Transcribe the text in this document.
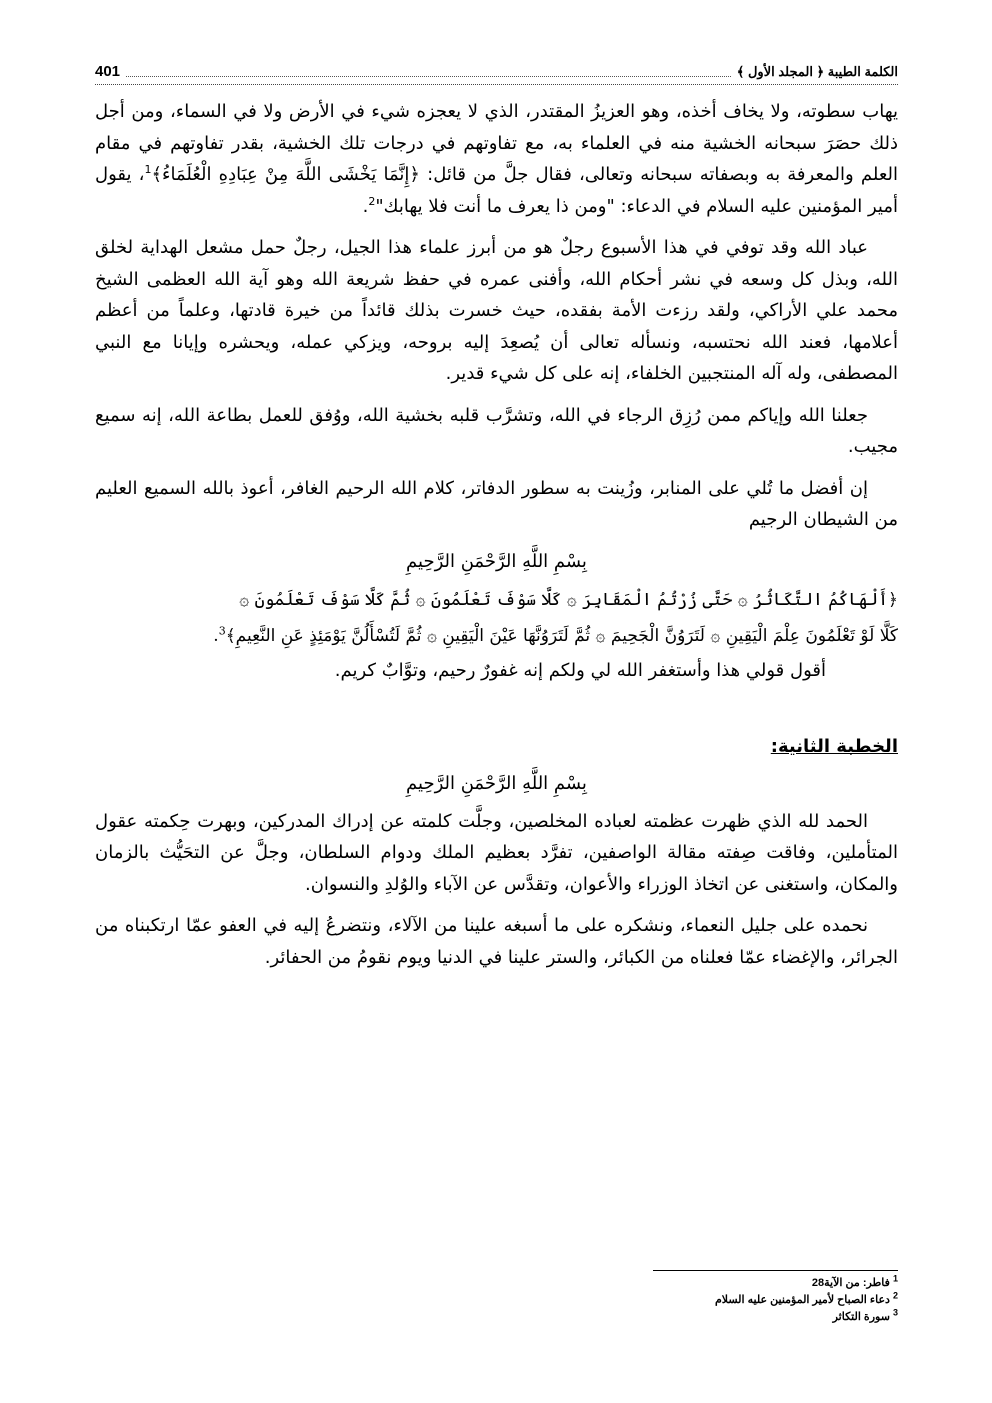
401	الكلمة الطيبة ﴿ المجلد الأول ﴾

يهاب سطوته، ولا يخاف أخذه، وهو العزيزُ المقتدر، الذي لا يعجزه شيء في الأرض ولا في السماء، ومن أجل ذلك حصَرَ سبحانه الخشية منه في العلماء به، مع تفاوتهم في درجات تلك الخشية، بقدر تفاوتهم في مقام العلم والمعرفة به وبصفاته سبحانه وتعالى، فقال جلَّ من قائل: ﴿إِنَّمَا يَخْشَى اللَّهَ مِنْ عِبَادِهِ الْعُلَمَاءُ﴾$^1$، يقول أمير المؤمنين عليه السلام في الدعاء: "ومن ذا يعرف ما أنت فلا يهابك"$^2$.

عباد الله وقد توفي في هذا الأسبوع رجلٌ هو من أبرز علماء هذا الجيل، رجلٌ حمل مشعل الهداية لخلق الله، وبذل كل وسعه في نشر أحكام الله، وأفنى عمره في حفظ شريعة الله وهو آية الله العظمى الشيخ محمد علي الأراكي، ولقد رزءت الأمة بفقده، حيث خسرت بذلك قائداً من خيرة قادتها، وعلماً من أعظم أعلامها، فعند الله نحتسبه، ونسأله تعالى أن يُصعِدَ إليه بروحه، ويزكي عمله، ويحشره وإيانا مع النبي المصطفى، وله آله المنتجبين الخلفاء، إنه على كل شيء قدير.

جعلنا الله وإياكم ممن رُزِق الرجاء في الله، وتشرَّب قلبه بخشية الله، ووُفق للعمل بطاعة الله، إنه سميع مجيب.

إن أفضل ما تُلي على المنابر، وزُينت به سطور الدفاتر، كلام الله الرحيم الغافر، أعوذ بالله السميع العليم من الشيطان الرجيم

بِسْمِ اللَّهِ الرَّحْمَنِ الرَّحِيمِ
﴿أَلْهَاكُمُ التَّكَاثُرُ ۞ حَتَّى زُرْتُمُ الْمَقَابِرَ ۞ كَلَّا سَوْفَ تَعْلَمُونَ ۞ ثُمَّ كَلَّا سَوْفَ تَعْلَمُونَ ۞
كَلَّا لَوْ تَعْلَمُونَ عِلْمَ الْيَقِينِ ۞ لَتَرَوُنَّ الْجَحِيمَ ۞ ثُمَّ لَتَرَوُنَّهَا عَيْنَ الْيَقِينِ ۞ ثُمَّ لَتُسْأَلُنَّ يَوْمَئِذٍ عَنِ النَّعِيمِ﴾$^3$.

أقول قولي هذا وأستغفر الله لي ولكم إنه غفورٌ رحيم، وتوَّابٌ كريم.

الخطبة الثانية:

بِسْمِ اللَّهِ الرَّحْمَنِ الرَّحِيمِ

الحمد لله الذي ظهرت عظمته لعباده المخلصين، وجلَّت كلمته عن إدراك المدركين، وبهرت حِكمته عقول المتأملين، وفاقت صِفته مقالة الواصفين، تفرَّد بعظيم الملك ودوام السلطان، وجلَّ عن التحَيُّث بالزمان والمكان، واستغنى عن اتخاذ الوزراء والأعوان، وتقدَّس عن الآباء والوُلدِ والنسوان.

نحمده على جليل النعماء، ونشكره على ما أسبغه علينا من الآلاء، ونتضرعُ إليه في العفو عمّا ارتكبناه من الجرائر، والإغضاء عمّا فعلناه من الكبائر، والستر علينا في الدنيا ويوم نقومُ من الحفائر.

$^1$ فاطر: من الآية28
$^2$ دعاء الصباح لأمير المؤمنين عليه السلام
$^3$ سورة التكاثر
